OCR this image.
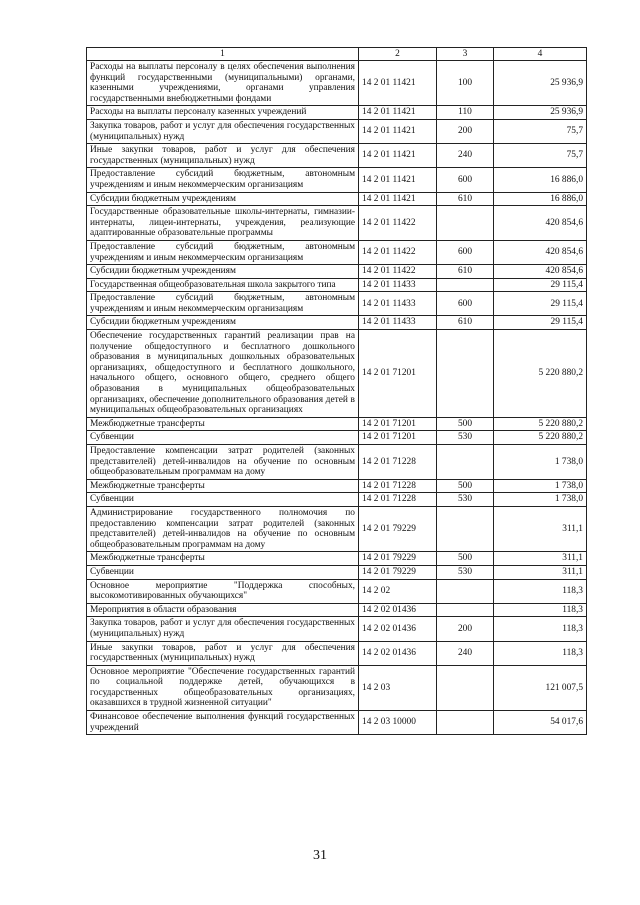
1	2	3	4
Расходы на выплаты персоналу в целях обеспечения выполнения функций государственными (муниципальными) органами, казенными учреждениями, органами управления государственными внебюджетными фондами	14 2 01 11421	100	25 936,9
Расходы на выплаты персоналу казенных учреждений	14 2 01 11421	110	25 936,9
Закупка товаров, работ и услуг для обеспечения государственных (муниципальных) нужд	14 2 01 11421	200	75,7
Иные закупки товаров, работ и услуг для обеспечения государственных (муниципальных) нужд	14 2 01 11421	240	75,7
Предоставление субсидий бюджетным, автономным учреждениям и иным некоммерческим организациям	14 2 01 11421	600	16 886,0
Субсидии бюджетным учреждениям	14 2 01 11421	610	16 886,0
Государственные образовательные школы-интернаты, гимназии-интернаты, лицеи-интернаты, учреждения, реализующие адаптированные образовательные программы	14 2 01 11422		420 854,6
Предоставление субсидий бюджетным, автономным учреждениям и иным некоммерческим организациям	14 2 01 11422	600	420 854,6
Субсидии бюджетным учреждениям	14 2 01 11422	610	420 854,6
Государственная общеобразовательная школа закрытого типа	14 2 01 11433		29 115,4
Предоставление субсидий бюджетным, автономным учреждениям и иным некоммерческим организациям	14 2 01 11433	600	29 115,4
Субсидии бюджетным учреждениям	14 2 01 11433	610	29 115,4
Обеспечение государственных гарантий реализации прав на получение общедоступного и бесплатного дошкольного образования в муниципальных дошкольных образовательных организациях, общедоступного и бесплатного дошкольного, начального общего, основного общего, среднего общего образования в муниципальных общеобразовательных организациях, обеспечение дополнительного образования детей в муниципальных общеобразовательных организациях	14 2 01 71201		5 220 880,2
Межбюджетные трансферты	14 2 01 71201	500	5 220 880,2
Субвенции	14 2 01 71201	530	5 220 880,2
Предоставление компенсации затрат родителей (законных представителей) детей-инвалидов на обучение по основным общеобразовательным программам на дому	14 2 01 71228		1 738,0
Межбюджетные трансферты	14 2 01 71228	500	1 738,0
Субвенции	14 2 01 71228	530	1 738,0
Администрирование государственного полномочия по предоставлению компенсации затрат родителей (законных представителей) детей-инвалидов на обучение по основным общеобразовательным программам на дому	14 2 01 79229		311,1
Межбюджетные трансферты	14 2 01 79229	500	311,1
Субвенции	14 2 01 79229	530	311,1
Основное мероприятие "Поддержка способных, высокомотивированных обучающихся"	14 2 02		118,3
Мероприятия в области образования	14 2 02 01436		118,3
Закупка товаров, работ и услуг для обеспечения государственных (муниципальных) нужд	14 2 02 01436	200	118,3
Иные закупки товаров, работ и услуг для обеспечения государственных (муниципальных) нужд	14 2 02 01436	240	118,3
Основное мероприятие "Обеспечение государственных гарантий по социальной поддержке детей, обучающихся в государственных общеобразовательных организациях, оказавшихся в трудной жизненной ситуации"	14 2 03		121 007,5
Финансовое обеспечение выполнения функций государственных учреждений	14 2 03 10000		54 017,6
31
